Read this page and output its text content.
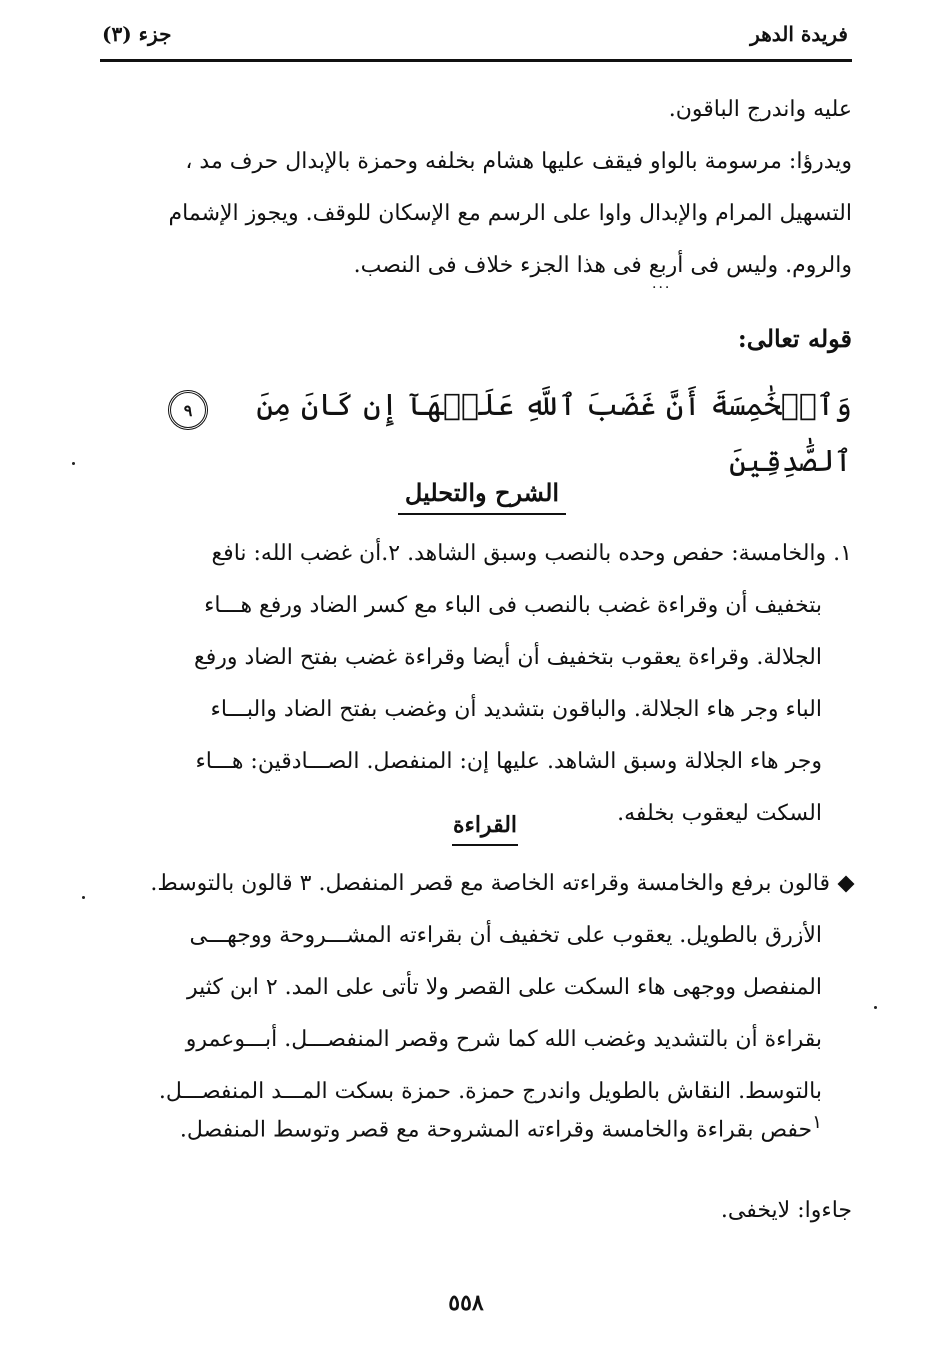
فريدة الدهر
جزء (٣)

عليه واندرج الباقون.

ويدرؤا: مرسومة بالواو فيقف عليها هشام بخلفه وحمزة بالإبدال حرف مد ،

التسهيل المرام والإبدال واوا على الرسم مع الإسكان للوقف. ويجوز الإشمام

والروم. وليس فى أربع فى هذا الجزء خلاف فى النصب.

...
قوله تعالى:
وَٱلۡخَٰمِسَةَ أَنَّ غَضَبَ ٱللَّهِ عَلَيۡهَآ إِن كَانَ مِنَ ٱلصَّٰدِقِينَ
٩
الشرح والتحليل

١. والخامسة: حفص وحده بالنصب وسبق الشاهد. ٢.أن غضب الله: نافع

بتخفيف أن وقراءة غضب بالنصب فى الباء مع كسر الضاد ورفع هـــاء

الجلالة. وقراءة يعقوب بتخفيف أن أيضا وقراءة غضب بفتح الضاد ورفع

الباء وجر هاء الجلالة. والباقون بتشديد أن وغضب بفتح الضاد والبـــاء

وجر هاء الجلالة وسبق الشاهد. عليها إن: المنفصل. الصـــادقين: هـــاء

السكت ليعقوب بخلفه.

القراءة

قالون برفع والخامسة وقراءته الخاصة مع قصر المنفصل. ٣ قالون بالتوسط.

الأزرق بالطويل. يعقوب على تخفيف أن بقراءته المشـــروحة ووجهـــى

المنفصل ووجهى هاء السكت على القصر ولا تأتى على المد. ٢ ابن كثير

بقراءة أن بالتشديد وغضب الله كما شرح وقصر المنفصـــل. أبـــوعمرو

بالتوسط. النقاش بالطويل واندرج حمزة. حمزة بسكت المـــد المنفصـــل.

$^١$حفص بقراءة والخامسة وقراءته المشروحة مع قصر وتوسط المنفصل.
جاءوا: لايخفى.
٥٥٨
